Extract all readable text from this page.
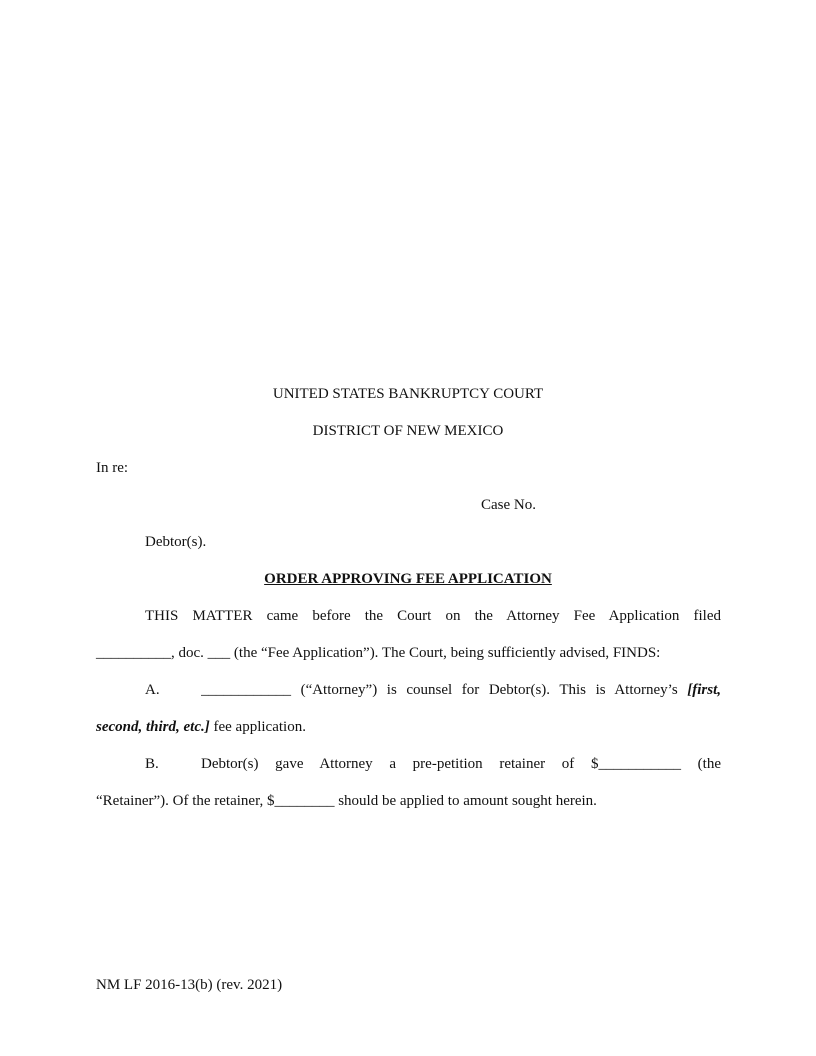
UNITED STATES BANKRUPTCY COURT
DISTRICT OF NEW MEXICO
In re:
Case No.
Debtor(s).
ORDER APPROVING FEE APPLICATION
THIS MATTER came before the Court on the Attorney Fee Application filed
__________, doc. ___ (the “Fee Application”). The Court, being sufficiently advised, FINDS:
A.	____________ (“Attorney”) is counsel for Debtor(s). This is Attorney’s [first,
second, third, etc.] fee application.
B.	Debtor(s) gave Attorney a pre-petition retainer of $___________ (the
“Retainer”). Of the retainer, $________ should be applied to amount sought herein.
NM LF 2016-13(b) (rev. 2021)
